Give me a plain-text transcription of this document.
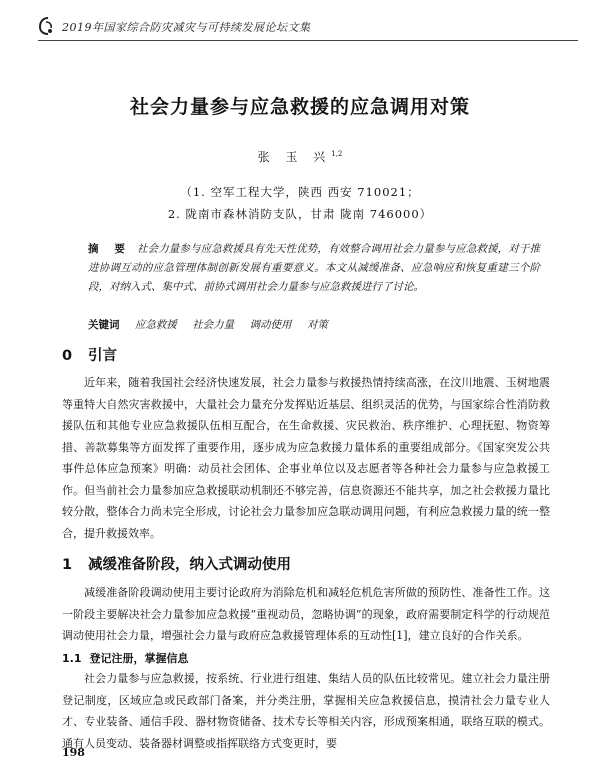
2019年国家综合防灾减灾与可持续发展论坛文集
社会力量参与应急救援的应急调用对策
张 玉 兴$^{1,2}$
（1. 空军工程大学，陕西 西安 710021；
2. 陇南市森林消防支队，甘肃 陇南 746000）
摘 要 社会力量参与应急救援具有先天性优势，有效整合调用社会力量参与应急救援，对于推进协调互动的应急管理体制创新发展有重要意义。本文从减缓准备、应急响应和恢复重建三个阶段，对纳入式、集中式、前协式调用社会力量参与应急救援进行了讨论。
关键词 应急救援 社会力量 调动使用 对策
0 引言

近年来，随着我国社会经济快速发展，社会力量参与救援热情持续高涨，在汶川地震、玉树地震等重特大自然灾害救援中，大量社会力量充分发挥贴近基层、组织灵活的优势，与国家综合性消防救援队伍和其他专业应急救援队伍相互配合，在生命救援、灾民救治、秩序维护、心理抚慰、物资筹措、善款募集等方面发挥了重要作用，逐步成为应急救援力量体系的重要组成部分。《国家突发公共事件总体应急预案》明确：动员社会团体、企事业单位以及志愿者等各种社会力量参与应急救援工作。但当前社会力量参加应急救援联动机制还不够完善，信息资源还不能共享，加之社会救援力量比较分散，整体合力尚未完全形成，讨论社会力量参加应急联动调用问题，有利应急救援力量的统一整合，提升救援效率。

1 减缓准备阶段，纳入式调动使用

减缓准备阶段调动使用主要讨论政府为消除危机和减轻危机危害所做的预防性、准备性工作。这一阶段主要解决社会力量参加应急救援“重视动员，忽略协调”的现象，政府需要制定科学的行动规范调动使用社会力量，增强社会力量与政府应急救援管理体系的互动性[1]，建立良好的合作关系。

1.1 登记注册，掌握信息

社会力量参与应急救援，按系统、行业进行组建、集结人员的队伍比较常见。建立社会力量注册登记制度，区域应急或民政部门备案，并分类注册，掌握相关应急救援信息，摸清社会力量专业人才、专业装备、通信手段、器材物资储备、技术专长等相关内容，形成预案相通，联络互联的模式。通有人员变动、装备器材调整或指挥联络方式变更时，要

198
